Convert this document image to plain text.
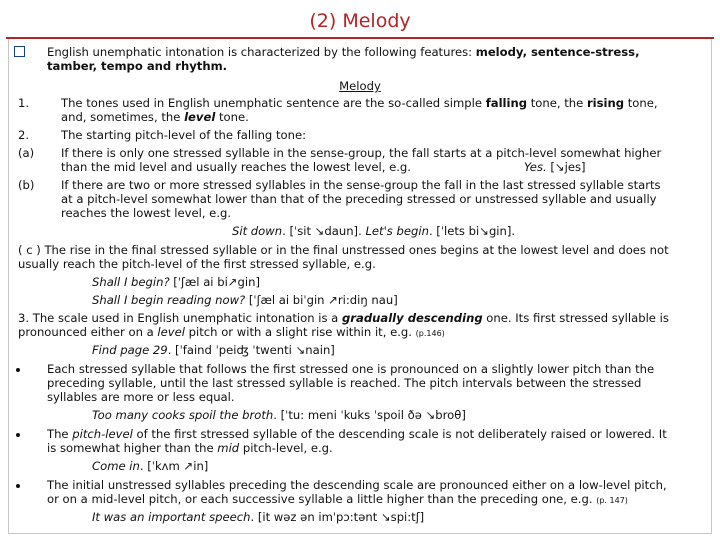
(2) Melody
English unemphatic intonation is characterized by the following features: melody, sentence-stress,
tamber, tempo and rhythm.
Melody
1.	The tones used in English unemphatic sentence are the so-called simple falling tone, the rising tone,
and, sometimes, the level tone.
2.	The starting pitch-level of the falling tone:
(a) If there is only one stressed syllable in the sense-group, the fall starts at a pitch-level somewhat higher
than the mid level and usually reaches the lowest level, e.g.	Yes. [↘jes]
(b) If there are two or more stressed syllables in the sense-group the fall in the last stressed syllable starts
at a pitch-level somewhat lower than that of the preceding stressed or unstressed syllable and usually
reaches the lowest level, e.g.
Sit down. [ˈsit ↘daun]. Let's begin. [ˈlets bi↘gin].
( c ) The rise in the final stressed syllable or in the final unstressed ones begins at the lowest level and does not
usually reach the pitch-level of the first stressed syllable, e.g.
Shall I begin? [ˈʃæl ai bi↗gin]
Shall I begin reading now? [ˈʃæl ai biˈgin ↗ri:diŋ nau]
3. The scale used in English unemphatic intonation is a gradually descending one. Its first stressed syllable is
pronounced either on a level pitch or with a slight rise within it, e.g. (p.146)
Find page 29. [ˈfaind ˈpeiʤ ˈtwenti ↘nain]
Each stressed syllable that follows the first stressed one is pronounced on a slightly lower pitch than the
preceding syllable, until the last stressed syllable is reached. The pitch intervals between the stressed
syllables are more or less equal.
Too many cooks spoil the broth. [ˈtu: meni ˈkuks ˈspoil ðə ↘broθ]
The pitch-level of the first stressed syllable of the descending scale is not deliberately raised or lowered. It
is somewhat higher than the mid pitch-level, e.g.
Come in. [ˈkʌm ↗in]
The initial unstressed syllables preceding the descending scale are pronounced either on a low-level pitch,
or on a mid-level pitch, or each successive syllable a little higher than the preceding one, e.g. (p. 147)
It was an important speech. [it wəz ən imˈpɔ:tənt ↘spi:tʃ]
